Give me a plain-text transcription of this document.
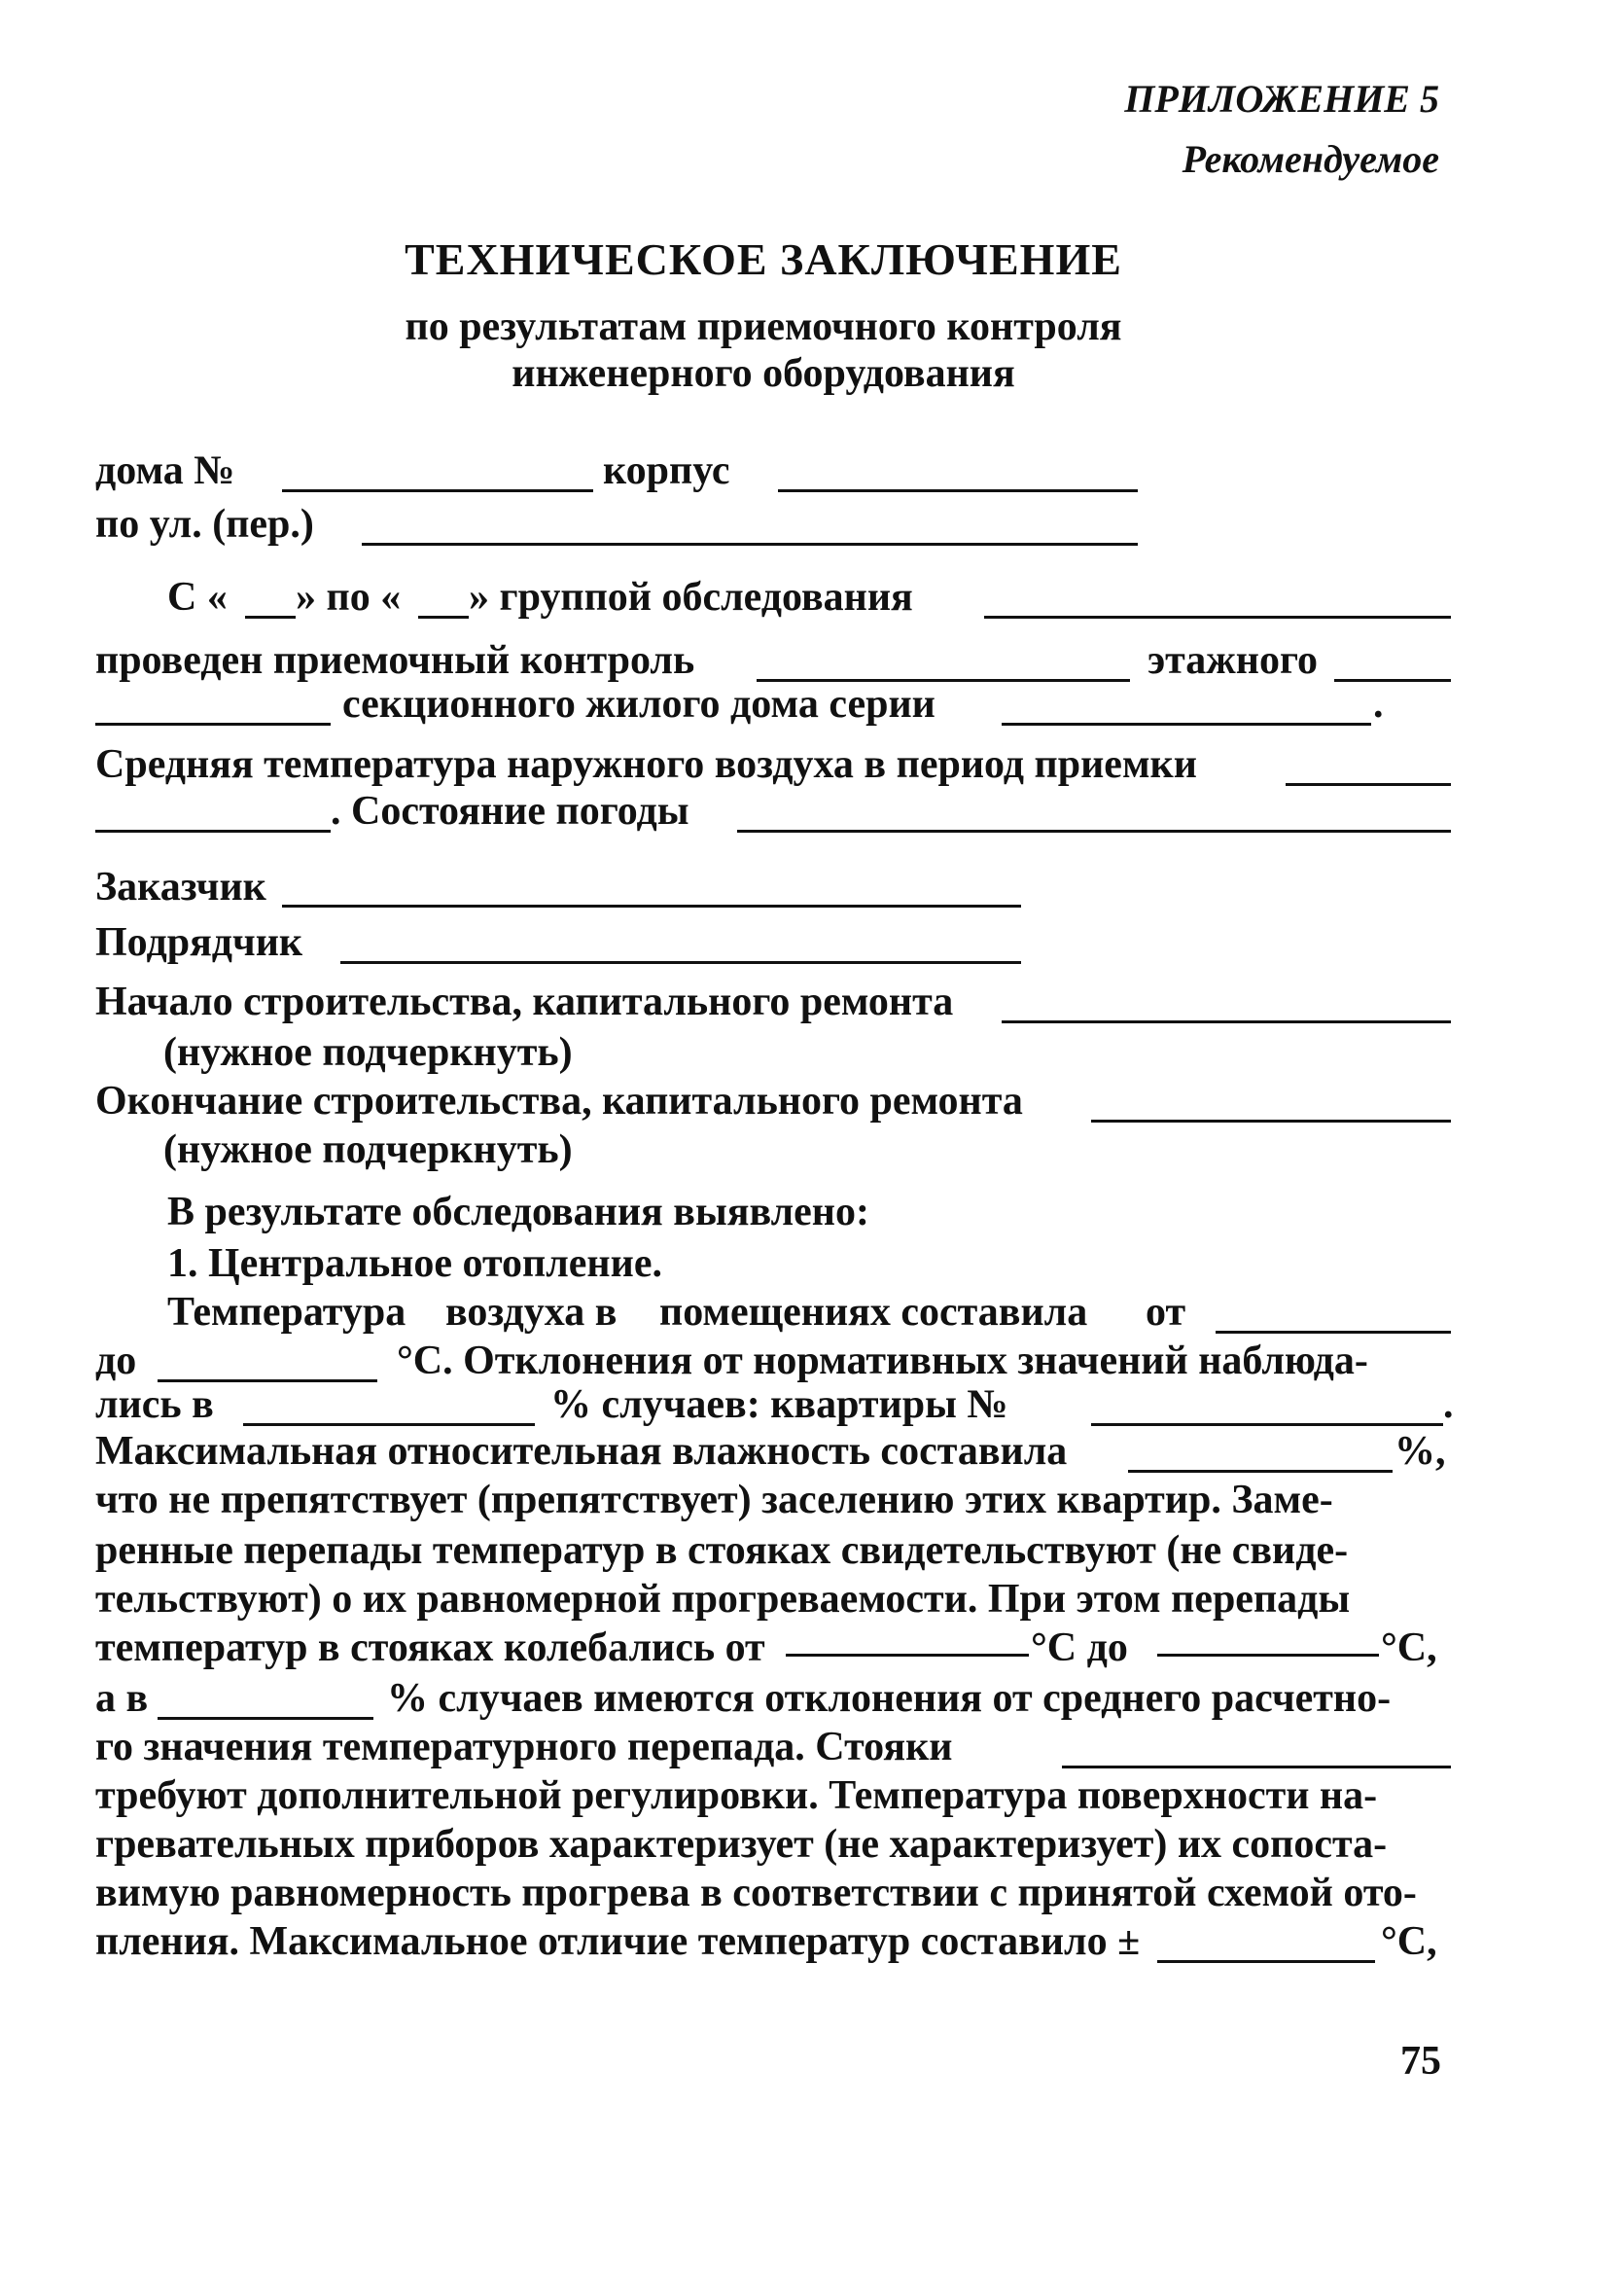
ПРИЛОЖЕНИЕ 5
Рекомендуемое
ТЕХНИЧЕСКОЕ ЗАКЛЮЧЕНИЕ
по результатам приемочного контроля
инженерного оборудования
дома №	корпус
по ул. (пер.)
С « » по « » группой обследования
проведен приемочный контроль	этажного
секционного жилого дома серии	.
Средняя температура наружного воздуха в период приемки
. Состояние погоды
Заказчик
Подрядчик
Начало строительства, капитального ремонта
(нужное подчеркнуть)
Окончание строительства, капитального ремонта
(нужное подчеркнуть)
В результате обследования выявлено:
1. Центральное отопление.
Температура воздуха в помещениях составила от
до	°С. Отклонения от нормативных значений наблюда-
лись в	% случаев: квартиры №	.
Максимальная относительная влажность составила	%,
что не препятствует (препятствует) заселению этих квартир. Заме-
ренные перепады температур в стояках свидетельствуют (не свиде-
тельствуют) о их равномерной прогреваемости. При этом перепады
температур в стояках колебались от	°С до	°С,
а в	% случаев имеются отклонения от среднего расчетно-
го значения температурного перепада. Стояки
требуют дополнительной регулировки. Температура поверхности на-
гревательных приборов характеризует (не характеризует) их сопоста-
вимую равномерность прогрева в соответствии с принятой схемой ото-
пления. Максимальное отличие температур составило ±	°С,
75
